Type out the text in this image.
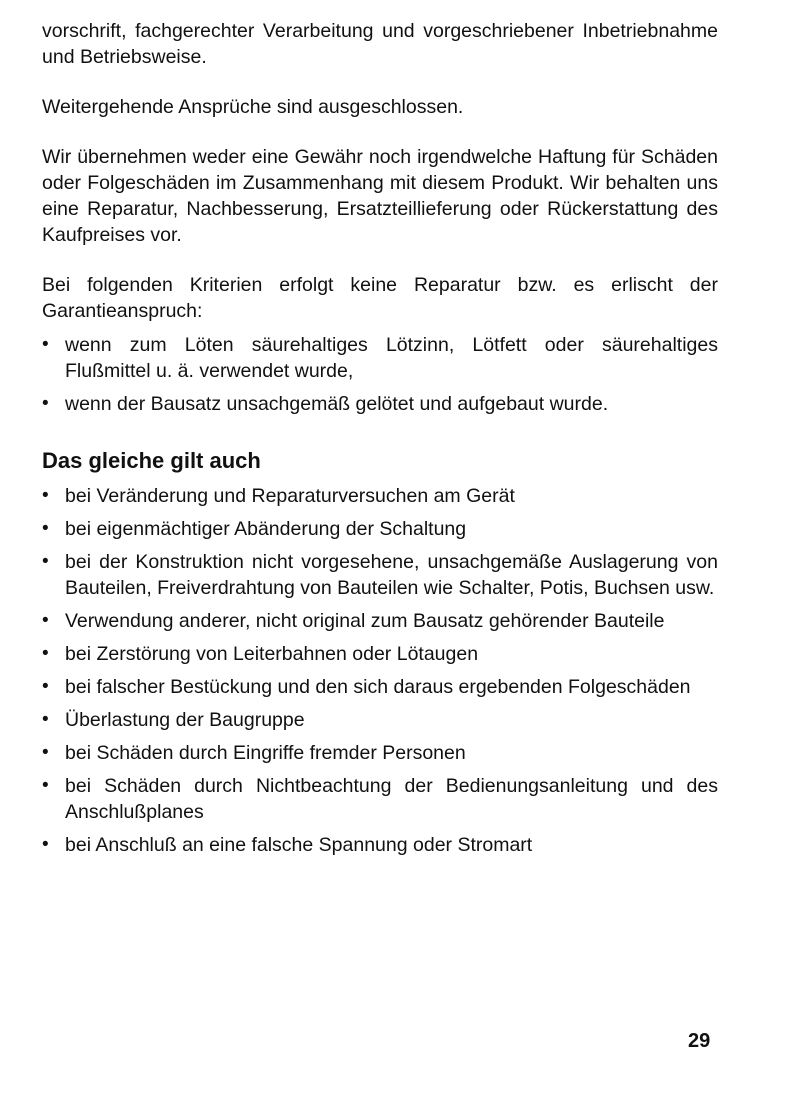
vorschrift, fachgerechter Verarbeitung und vorgeschriebener Inbetriebnahme und Betriebsweise.

Weitergehende Ansprüche sind ausgeschlossen.

Wir übernehmen weder eine Gewähr noch irgendwelche Haftung für Schäden oder Folgeschäden im Zusammenhang mit diesem Produkt. Wir behalten uns eine Reparatur, Nachbesserung, Ersatzteillieferung oder Rückerstattung des Kaufpreises vor.

Bei folgenden Kriterien erfolgt keine Reparatur bzw. es erlischt der Garantieanspruch:

• wenn zum Löten säurehaltiges Lötzinn, Lötfett oder säurehaltiges Flußmittel u. ä. verwendet wurde,
• wenn der Bausatz unsachgemäß gelötet und aufgebaut wurde.
Das gleiche gilt auch
• bei Veränderung und Reparaturversuchen am Gerät
• bei eigenmächtiger Abänderung der Schaltung
• bei der Konstruktion nicht vorgesehene, unsachgemäße Auslagerung von Bauteilen, Freiverdrahtung von Bauteilen wie Schalter, Potis, Buchsen usw.
• Verwendung anderer, nicht original zum Bausatz gehörender Bauteile
• bei Zerstörung von Leiterbahnen oder Lötaugen
• bei falscher Bestückung und den sich daraus ergebenden Folgeschäden
• Überlastung der Baugruppe
• bei Schäden durch Eingriffe fremder Personen
• bei Schäden durch Nichtbeachtung der Bedienungsanleitung und des Anschlußplanes
• bei Anschluß an eine falsche Spannung oder Stromart
29
